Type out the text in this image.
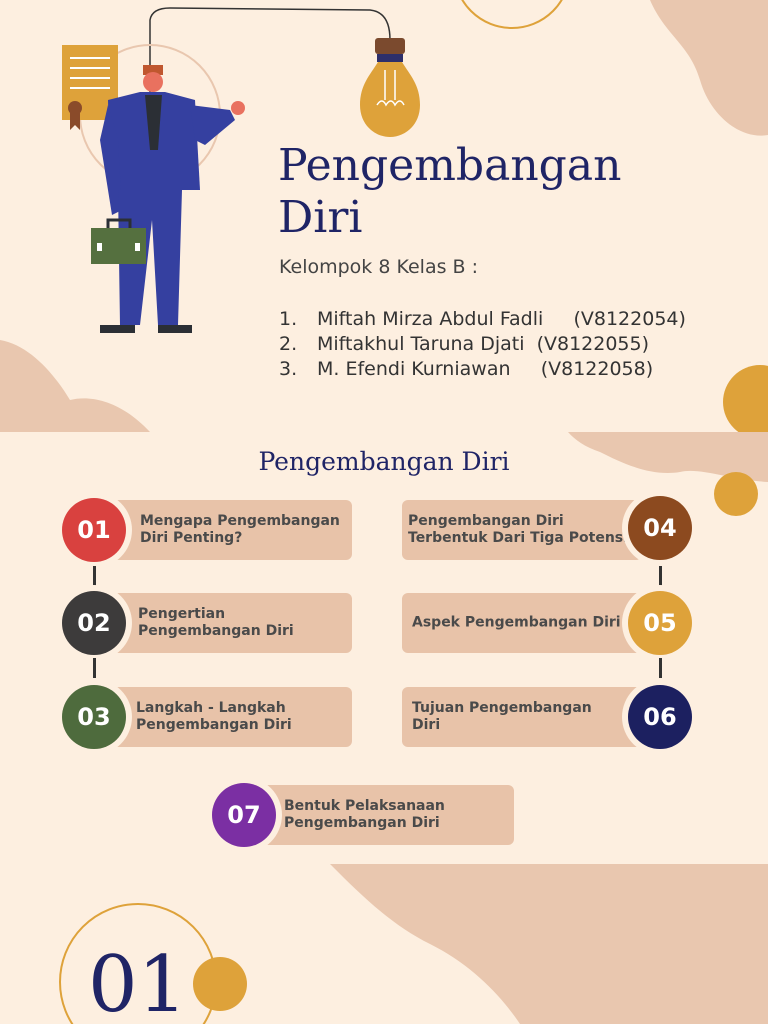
Pengembangan
Diri
Kelompok 8 Kelas B :
1.	Miftah Mirza Abdul Fadli     (V8122054)
2.	Miftakhul Taruna Djati  (V8122055)
3.	M. Efendi Kurniawan     (V8122058)
Pengembangan Diri
Mengapa Pengembangan Diri Penting?
01
Pengertian Pengembangan Diri
02
Langkah - Langkah Pengembangan Diri
03
Pengembangan Diri Terbentuk Dari Tiga Potensi 04
Aspek Pengembangan Diri 05
Tujuan Pengembangan Diri	06
Bentuk Pelaksanaan Pengembangan Diri
07
01
